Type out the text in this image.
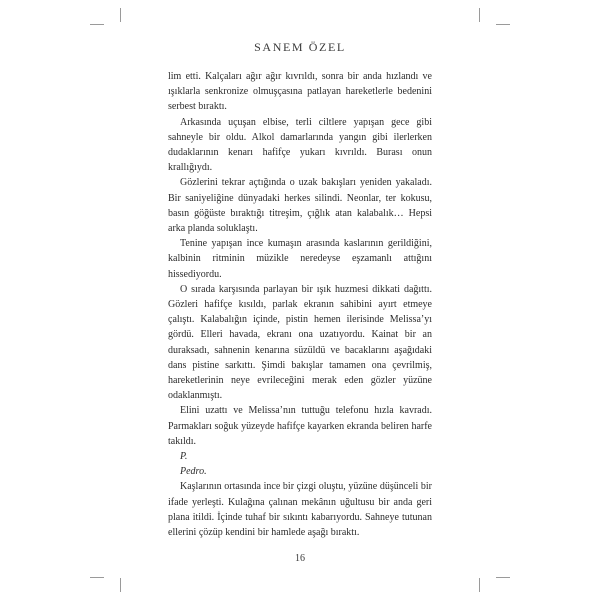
SANEM ÖZEL

lim etti. Kalçaları ağır ağır kıvrıldı, sonra bir anda hızlandı ve ışıklarla senkronize olmuşçasına patlayan hareketlerle bedenini serbest bıraktı.

Arkasında uçuşan elbise, terli ciltlere yapışan gece gibi sahneyle bir oldu. Alkol damarlarında yangın gibi ilerlerken dudaklarının kenarı hafifçe yukarı kıvrıldı. Burası onun krallığıydı.

Gözlerini tekrar açtığında o uzak bakışları yeniden yakaladı. Bir saniyeliğine dünyadaki herkes silindi. Neonlar, ter kokusu, basın göğüste bıraktığı titreşim, çığlık atan kalabalık… Hepsi arka planda soluklaştı.

Tenine yapışan ince kumaşın arasında kaslarının gerildiğini, kalbinin ritminin müzikle neredeyse eşzamanlı attığını hissediyordu.

O sırada karşısında parlayan bir ışık huzmesi dikkati dağıttı. Gözleri hafifçe kısıldı, parlak ekranın sahibini ayırt etmeye çalıştı. Kalabalığın içinde, pistin hemen ilerisinde Melissa’yı gördü. Elleri havada, ekranı ona uzatıyordu. Kainat bir an duraksadı, sahnenin kenarına süzüldü ve bacaklarını aşağıdaki dans pistine sarkıttı. Şimdi bakışlar tamamen ona çevrilmiş, hareketlerinin neye evrileceğini merak eden gözler yüzüne odaklanmıştı.

Elini uzattı ve Melissa’nın tuttuğu telefonu hızla kavradı. Parmakları soğuk yüzeyde hafifçe kayarken ekranda beliren harfe takıldı.

P.

Pedro.

Kaşlarının ortasında ince bir çizgi oluştu, yüzüne düşünceli bir ifade yerleşti. Kulağına çalınan mekânın uğultusu bir anda geri plana itildi. İçinde tuhaf bir sıkıntı kabarıyordu. Sahneye tutunan ellerini çözüp kendini bir hamlede aşağı bıraktı.

16
